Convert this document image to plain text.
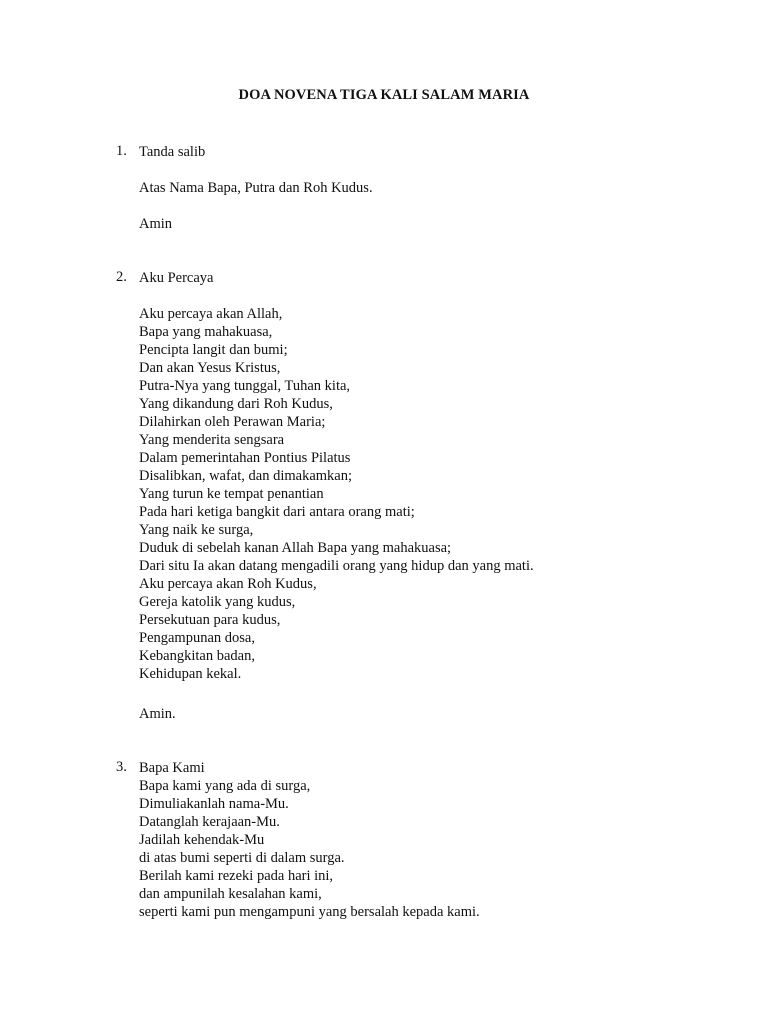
DOA NOVENA TIGA KALI SALAM MARIA
1. Tanda salib
Atas Nama Bapa, Putra dan Roh Kudus.
Amin
2. Aku Percaya
Aku percaya akan Allah,
Bapa yang mahakuasa,
Pencipta langit dan bumi;
Dan akan Yesus Kristus,
Putra-Nya yang tunggal, Tuhan kita,
Yang dikandung dari Roh Kudus,
Dilahirkan oleh Perawan Maria;
Yang menderita sengsara
Dalam pemerintahan Pontius Pilatus
Disalibkan, wafat, dan dimakamkan;
Yang turun ke tempat penantian
Pada hari ketiga bangkit dari antara orang mati;
Yang naik ke surga,
Duduk di sebelah kanan Allah Bapa yang mahakuasa;
Dari situ Ia akan datang mengadili orang yang hidup dan yang mati.
Aku percaya akan Roh Kudus,
Gereja katolik yang kudus,
Persekutuan para kudus,
Pengampunan dosa,
Kebangkitan badan,
Kehidupan kekal.
Amin.
3. Bapa Kami
Bapa kami yang ada di surga,
Dimuliakanlah nama-Mu.
Datanglah kerajaan-Mu.
Jadilah kehendak-Mu
di atas bumi seperti di dalam surga.
Berilah kami rezeki pada hari ini,
dan ampunilah kesalahan kami,
seperti kami pun mengampuni yang bersalah kepada kami.
